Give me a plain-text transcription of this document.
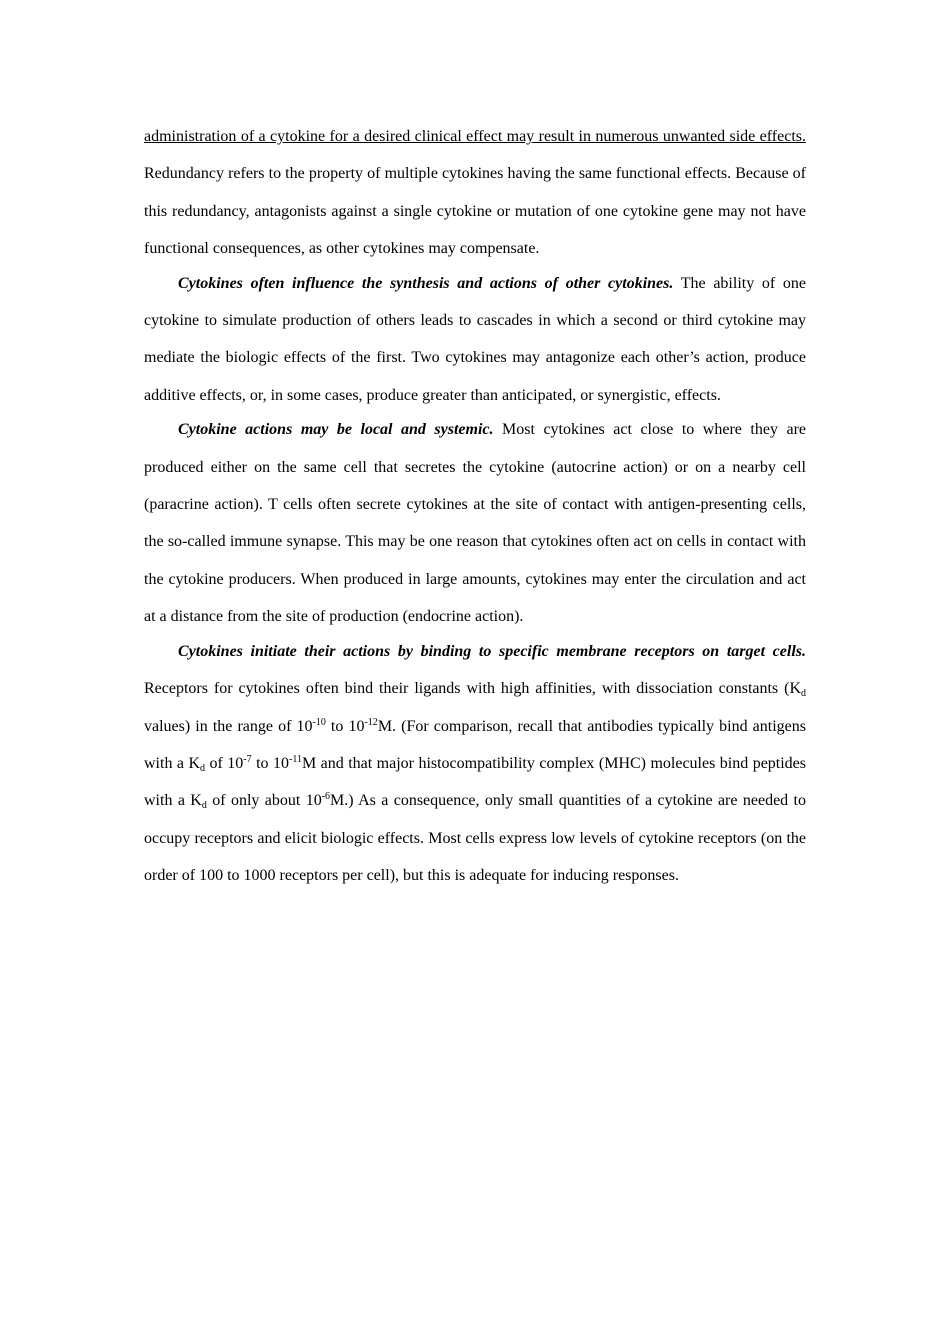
administration of a cytokine for a desired clinical effect may result in numerous unwanted side effects. Redundancy refers to the property of multiple cytokines having the same functional effects. Because of this redundancy, antagonists against a single cytokine or mutation of one cytokine gene may not have functional consequences, as other cytokines may compensate.

Cytokines often influence the synthesis and actions of other cytokines. The ability of one cytokine to simulate production of others leads to cascades in which a second or third cytokine may mediate the biologic effects of the first. Two cytokines may antagonize each other’s action, produce additive effects, or, in some cases, produce greater than anticipated, or synergistic, effects.

Cytokine actions may be local and systemic. Most cytokines act close to where they are produced either on the same cell that secretes the cytokine (autocrine action) or on a nearby cell (paracrine action). T cells often secrete cytokines at the site of contact with antigen-presenting cells, the so-called immune synapse. This may be one reason that cytokines often act on cells in contact with the cytokine producers. When produced in large amounts, cytokines may enter the circulation and act at a distance from the site of production (endocrine action).

Cytokines initiate their actions by binding to specific membrane receptors on target cells. Receptors for cytokines often bind their ligands with high affinities, with dissociation constants ($K_d$ values) in the range of $10^{-10}$ to $10^{-12}M$. (For comparison, recall that antibodies typically bind antigens with a $K_d$ of $10^{-7}$ to $10^{-11}M$ and that major histocompatibility complex (MHC) molecules bind peptides with a $K_d$ of only about $10^{-6}M$.) As a consequence, only small quantities of a cytokine are needed to occupy receptors and elicit biologic effects. Most cells express low levels of cytokine receptors (on the order of 100 to 1000 receptors per cell), but this is adequate for inducing responses.
